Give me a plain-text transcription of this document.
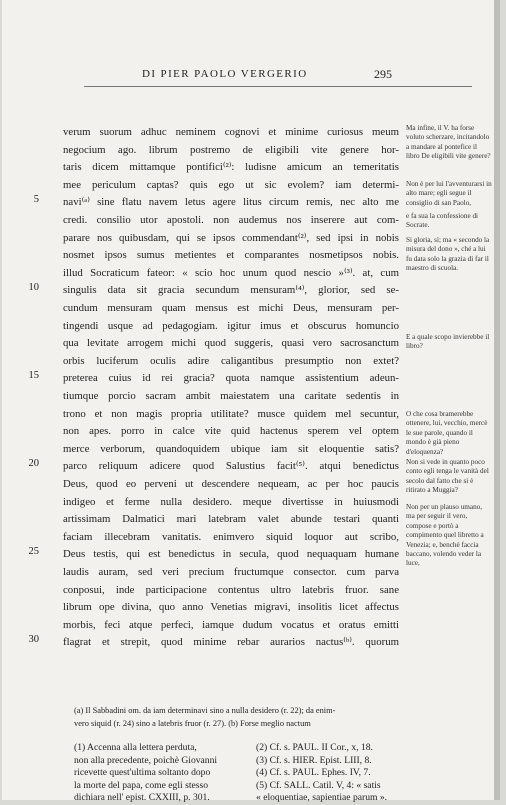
DI PIER PAOLO VERGERIO	295
verum suorum adhuc neminem cognovi et minime curiosus meum
negocium ago. librum postremo de eligibili vite genere hor-
taris dicem mittamque pontifici⁽²⁾: ludisne amicum an temeritatis
mee periculum captas? quis ego ut sic evolem? iam determi-
navi⁽ᵃ⁾ sine flatu navem letus agere litus circum remis, nec alto me
5
credi. consilio utor apostoli. non audemus nos inserere aut com-
parare nos quibusdam, qui se ipsos commendant⁽²⁾, sed ipsi in nobis
nosmet ipsos sumus metientes et comparantes nosmetipsos nobis.
illud Socraticum fateor: « scio hoc unum quod nescio »⁽³⁾. at, cum
singulis data sit gracia secundum mensuram⁽⁴⁾, glorior, sed se-
10
cundum mensuram quam mensus est michi Deus, mensuram per-
tingendi usque ad pedagogiam. igitur imus et obscurus homuncio
qua levitate arrogem michi quod suggeris, quasi vero sacrosanctum
orbis luciferum oculis adire caligantibus presumptio non extet?
preterea cuius id rei gracia? quota namque assistentium adeun-
15
tiumque porcio sacram ambit maiestatem una caritate sedentis in
trono et non magis propria utilitate? musce quidem mel secuntur,
non apes. porro in calce vite quid hactenus sperem vel optem
merce verborum, quandoquidem ubique iam sit eloquentie satis?
parco reliquum adicere quod Salustius facit⁽⁵⁾. atqui benedictus
20
Deus, quod eo perveni ut descendere nequeam, ac per hoc paucis
indigeo et ferme nulla desidero. meque divertisse in huiusmodi
artissimam Dalmatici mari latebram valet abunde testari quanti
faciam illecebram vanitatis. enimvero siquid loquor aut scribo,
Deus testis, qui est benedictus in secula, quod nequaquam humane
25
laudis auram, sed veri precium fructumque consector. cum parva
conposui, inde participacione contentus ultro latebris fruor. sane
librum ope divina, quo anno Venetias migravi, insolitis licet affectus
morbis, feci atque perfeci, iamque dudum vocatus et oratus emitti
flagrat et strepit, quod minime rebar aurarios nactus⁽ᵇ⁾. quorum
30

Ma infine, il V. ha forse voluto scherzare, incitandolo a mandare al pontefice il libro De eligibili vite genere?

Non è per lui l'avventurarsi in alto mare; egli segue il consiglio di san Paolo,

e fa sua la confessione di Socrate.

Si gloria, sì; ma « secondo la misura del dono », ché a lui fu data solo la grazia di far il maestro di scuola.

E a quale scopo invierebbe il libro?

O che cosa bramerebbe ottenere, lui, vecchio, mercè le sue parole, quando il mondo è già pieno d'eloquenza?

Non si vede in quanto poco conto egli tenga le vanità del secolo dal fatto che si è ritirato a Muggia?

Non per un plauso umano, ma per seguir il vero, compose e portò a compimento quel libretto a Venezia; e, benchè faccia baccano, volendo veder la luce,

(a) Il Sabbadini om. da iam determinavi sino a nulla desidero (r. 22); da enim-
vero siquid (r. 24) sino a latebris fruor (r. 27). (b) Forse meglio nactum
(1) Accenna alla lettera perduta,
non alla precedente, poichè Giovanni
ricevette quest'ultima soltanto dopo
la morte del papa, come egli stesso
dichiara nell' epist. CXXIII, p. 301.
(2) Cf. s. PAUL. II Cor., x, 18.
(3) Cf. s. HIER. Epist. LIII, 8.
(4) Cf. s. PAUL. Ephes. IV, 7.
(5) Cf. SALL. Catil. V, 4: « satis
« eloquentiae, sapientiae parum ».
